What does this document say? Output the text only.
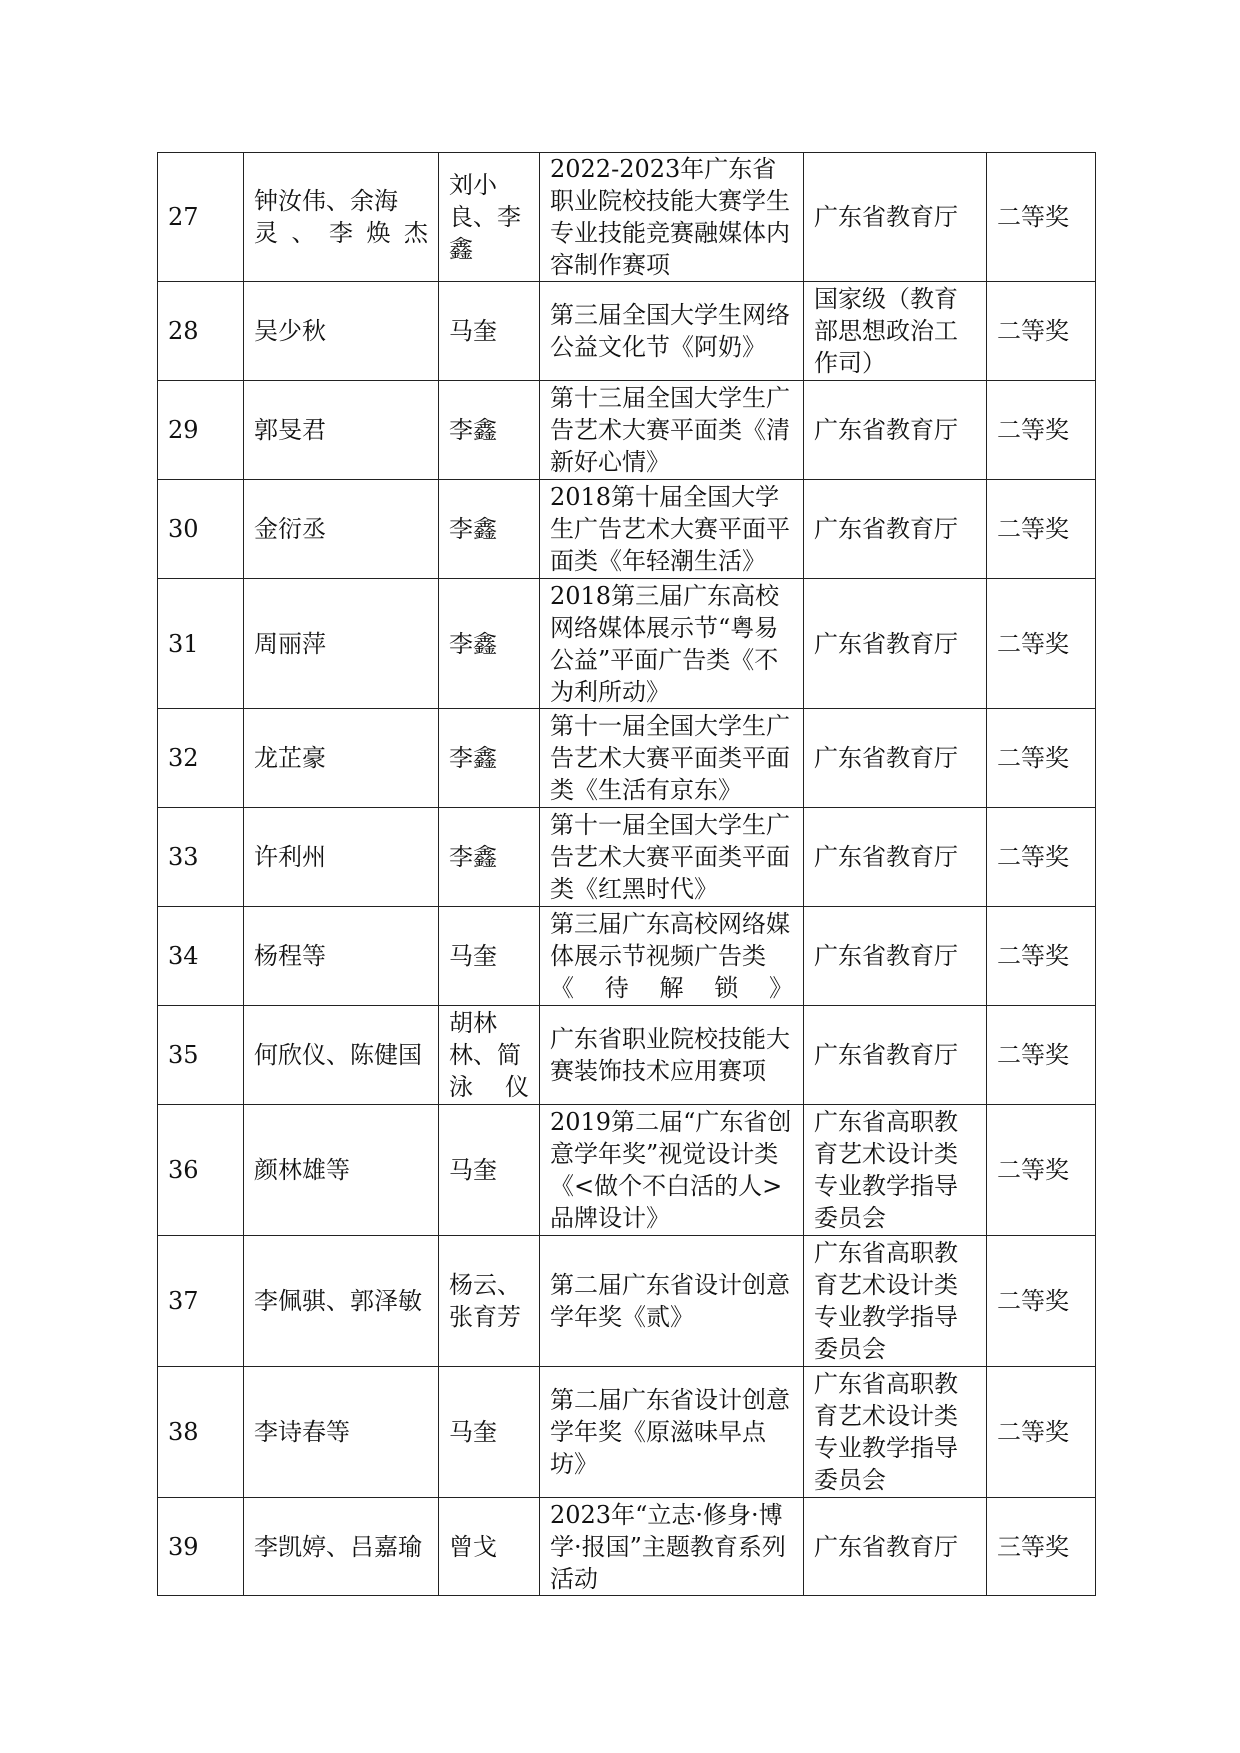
27	钟汝伟、余海灵、李焕杰	刘小良、李鑫	2022-2023年广东省职业院校技能大赛学生专业技能竞赛融媒体内容制作赛项	广东省教育厅	二等奖
28	吴少秋	马奎	第三届全国大学生网络公益文化节《阿奶》	国家级（教育部思想政治工作司）	二等奖
29	郭旻君	李鑫	第十三届全国大学生广告艺术大赛平面类《清新好心情》	广东省教育厅	二等奖
30	金衍丞	李鑫	2018第十届全国大学生广告艺术大赛平面平面类《年轻潮生活》	广东省教育厅	二等奖
31	周丽萍	李鑫	2018第三届广东高校网络媒体展示节“粤易公益”平面广告类《不为利所动》	广东省教育厅	二等奖
32	龙芷豪	李鑫	第十一届全国大学生广告艺术大赛平面类平面类《生活有京东》	广东省教育厅	二等奖
33	许利州	李鑫	第十一届全国大学生广告艺术大赛平面类平面类《红黑时代》	广东省教育厅	二等奖
34	杨程等	马奎	第三届广东高校网络媒体展示节视频广告类《待解锁》	广东省教育厅	二等奖
35	何欣仪、陈健国	胡林林、简泳仪	广东省职业院校技能大赛装饰技术应用赛项	广东省教育厅	二等奖
36	颜林雄等	马奎	2019第二届“广东省创意学年奖”视觉设计类《<做个不白活的人>品牌设计》	广东省高职教育艺术设计类专业教学指导委员会	二等奖
37	李佩骐、郭泽敏	杨云、张育芳	第二届广东省设计创意学年奖《贰》	广东省高职教育艺术设计类专业教学指导委员会	二等奖
38	李诗春等	马奎	第二届广东省设计创意学年奖《原滋味早点坊》	广东省高职教育艺术设计类专业教学指导委员会	二等奖
39	李凯婷、吕嘉瑜	曾戈	2023年“立志·修身·博学·报国”主题教育系列活动	广东省教育厅	三等奖
